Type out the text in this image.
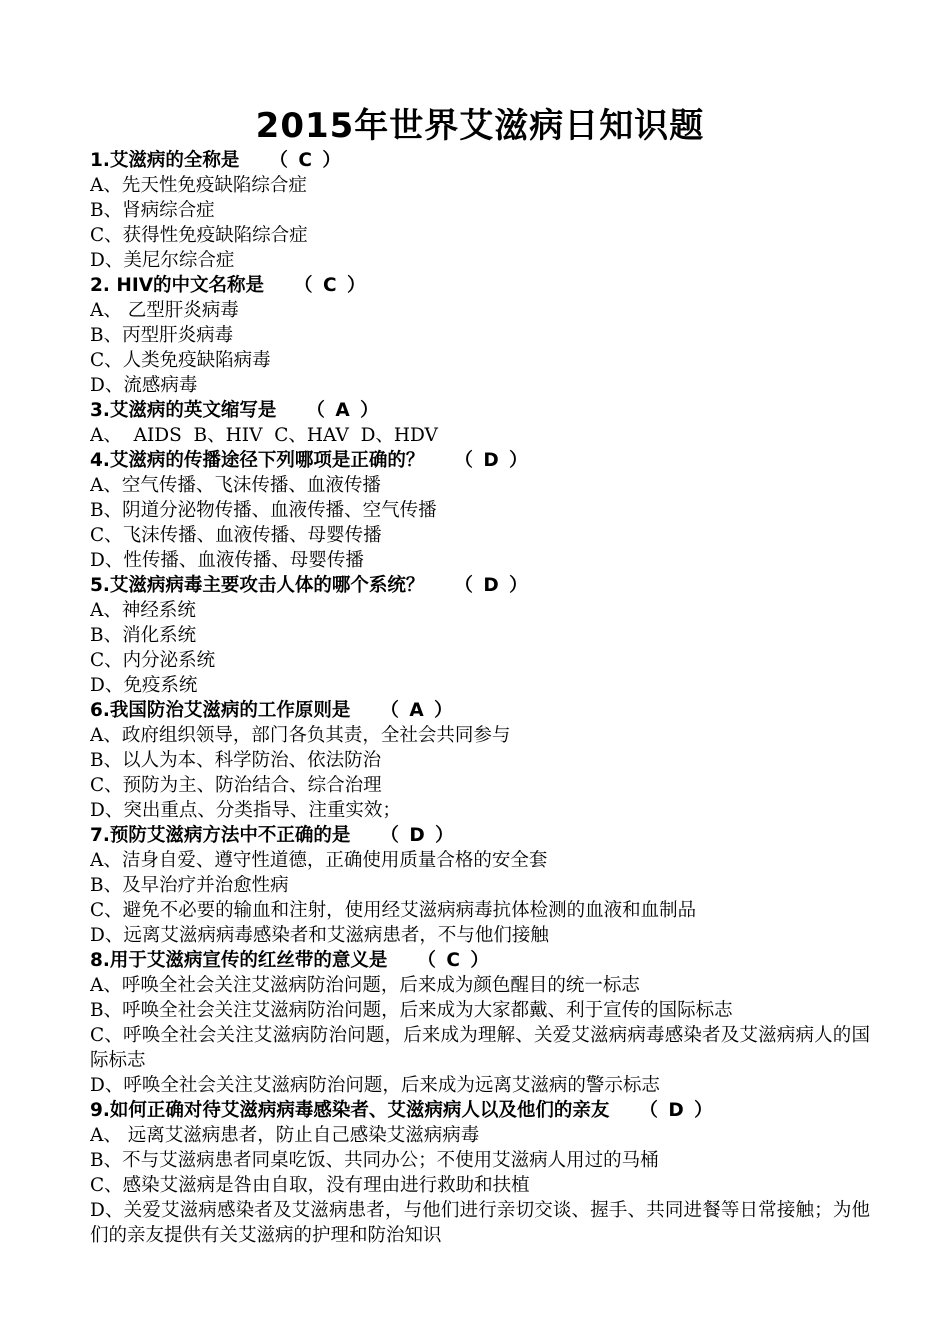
2015年世界艾滋病日知识题
1.艾滋病的全称是 （ C ）
A、先天性免疫缺陷综合症
B、肾病综合症
C、获得性免疫缺陷综合症
D、美尼尔综合症
2. HIV的中文名称是 （ C ）
A、 乙型肝炎病毒
B、丙型肝炎病毒
C、人类免疫缺陷病毒
D、流感病毒
3.艾滋病的英文缩写是 （ A ）
A、  AIDS  B、HIV  C、HAV  D、HDV
4.艾滋病的传播途径下列哪项是正确的？ （ D ）
A、空气传播、飞沫传播、血液传播
B、阴道分泌物传播、血液传播、空气传播
C、飞沫传播、血液传播、母婴传播
D、性传播、血液传播、母婴传播
5.艾滋病病毒主要攻击人体的哪个系统？ （ D ）
A、神经系统
B、消化系统
C、内分泌系统
D、免疫系统
6.我国防治艾滋病的工作原则是 （ A ）
A、政府组织领导，部门各负其责，全社会共同参与
B、以人为本、科学防治、依法防治
C、预防为主、防治结合、综合治理
D、突出重点、分类指导、注重实效；
7.预防艾滋病方法中不正确的是 （ D ）
A、洁身自爱、遵守性道德，正确使用质量合格的安全套
B、及早治疗并治愈性病
C、避免不必要的输血和注射，使用经艾滋病病毒抗体检测的血液和血制品
D、远离艾滋病病毒感染者和艾滋病患者，不与他们接触
8.用于艾滋病宣传的红丝带的意义是 （ C ）
A、呼唤全社会关注艾滋病防治问题，后来成为颜色醒目的统一标志
B、呼唤全社会关注艾滋病防治问题，后来成为大家都戴、利于宣传的国际标志
C、呼唤全社会关注艾滋病防治问题，后来成为理解、关爱艾滋病病毒感染者及艾滋病病人的国际标志
D、呼唤全社会关注艾滋病防治问题，后来成为远离艾滋病的警示标志
9.如何正确对待艾滋病病毒感染者、艾滋病病人以及他们的亲友 （ D ）
A、 远离艾滋病患者，防止自己感染艾滋病病毒
B、不与艾滋病患者同桌吃饭、共同办公；不使用艾滋病人用过的马桶
C、感染艾滋病是咎由自取，没有理由进行救助和扶植
D、关爱艾滋病感染者及艾滋病患者，与他们进行亲切交谈、握手、共同进餐等日常接触；为他们的亲友提供有关艾滋病的护理和防治知识
